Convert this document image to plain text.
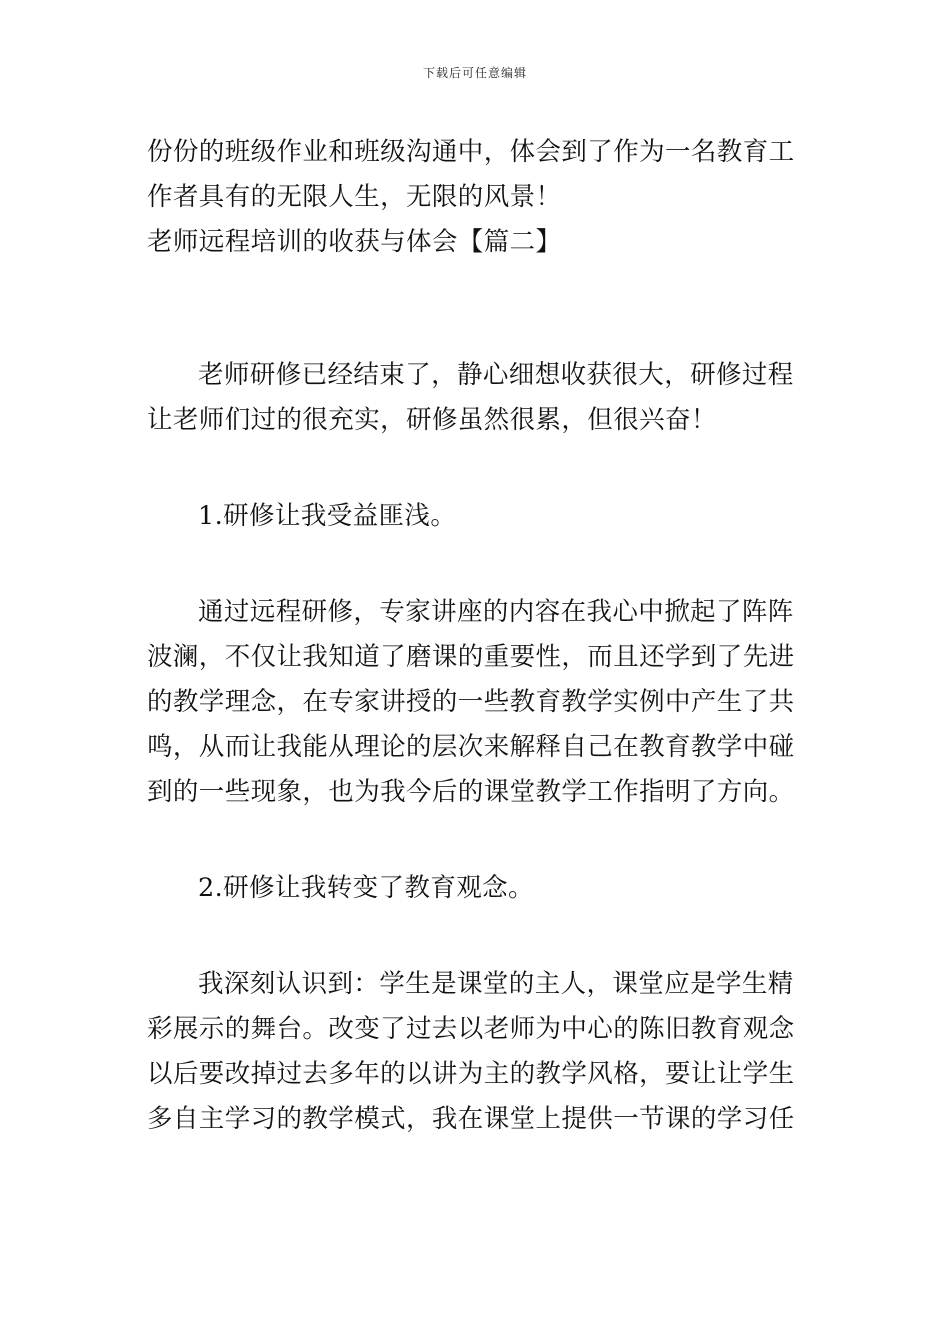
下载后可任意编辑
份份的班级作业和班级沟通中，体会到了作为一名教育工
作者具有的无限人生，无限的风景！
老师远程培训的收获与体会【篇二】
老师研修已经结束了，静心细想收获很大，研修过程
让老师们过的很充实，研修虽然很累，但很兴奋！
1.研修让我受益匪浅。
通过远程研修，专家讲座的内容在我心中掀起了阵阵
波澜，不仅让我知道了磨课的重要性，而且还学到了先进
的教学理念，在专家讲授的一些教育教学实例中产生了共
鸣，从而让我能从理论的层次来解释自己在教育教学中碰
到的一些现象，也为我今后的课堂教学工作指明了方向。
2.研修让我转变了教育观念。
我深刻认识到：学生是课堂的主人，课堂应是学生精
彩展示的舞台。改变了过去以老师为中心的陈旧教育观念
以后要改掉过去多年的以讲为主的教学风格，要让让学生
多自主学习的教学模式，我在课堂上提供一节课的学习任
